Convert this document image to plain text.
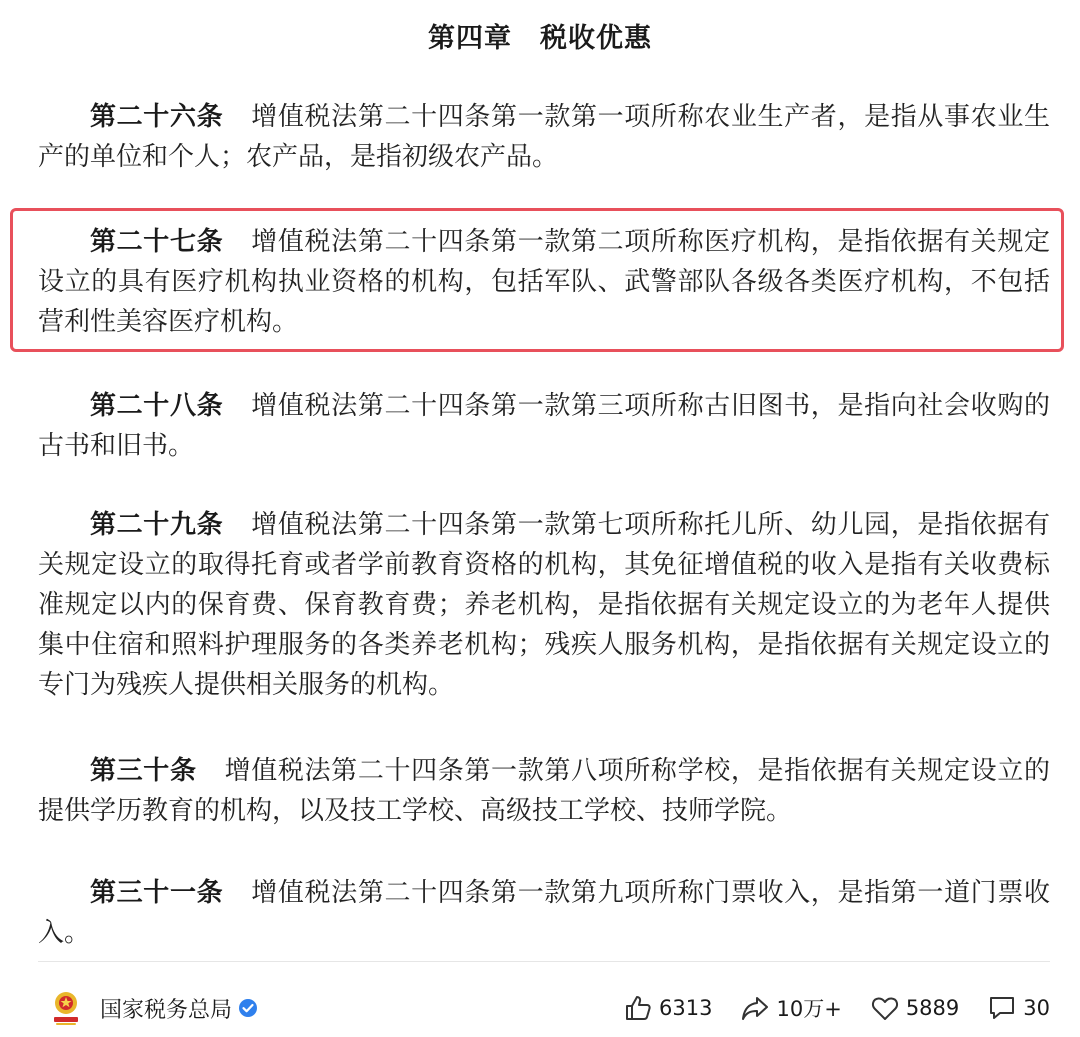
第四章　税收优惠

第二十六条 增值税法第二十四条第一款第一项所称农业生产者，是指从事农业生产的单位和个人；农产品，是指初级农产品。

第二十七条 增值税法第二十四条第一款第二项所称医疗机构，是指依据有关规定设立的具有医疗机构执业资格的机构，包括军队、武警部队各级各类医疗机构，不包括营利性美容医疗机构。

第二十八条 增值税法第二十四条第一款第三项所称古旧图书，是指向社会收购的古书和旧书。

第二十九条 增值税法第二十四条第一款第七项所称托儿所、幼儿园，是指依据有关规定设立的取得托育或者学前教育资格的机构，其免征增值税的收入是指有关收费标准规定以内的保育费、保育教育费；养老机构，是指依据有关规定设立的为老年人提供集中住宿和照料护理服务的各类养老机构；残疾人服务机构，是指依据有关规定设立的专门为残疾人提供相关服务的机构。

第三十条 增值税法第二十四条第一款第八项所称学校，是指依据有关规定设立的提供学历教育的机构，以及技工学校、高级技工学校、技师学院。

第三十一条 增值税法第二十四条第一款第九项所称门票收入，是指第一道门票收入。

国家税务总局	6313	10万+	5889	30
